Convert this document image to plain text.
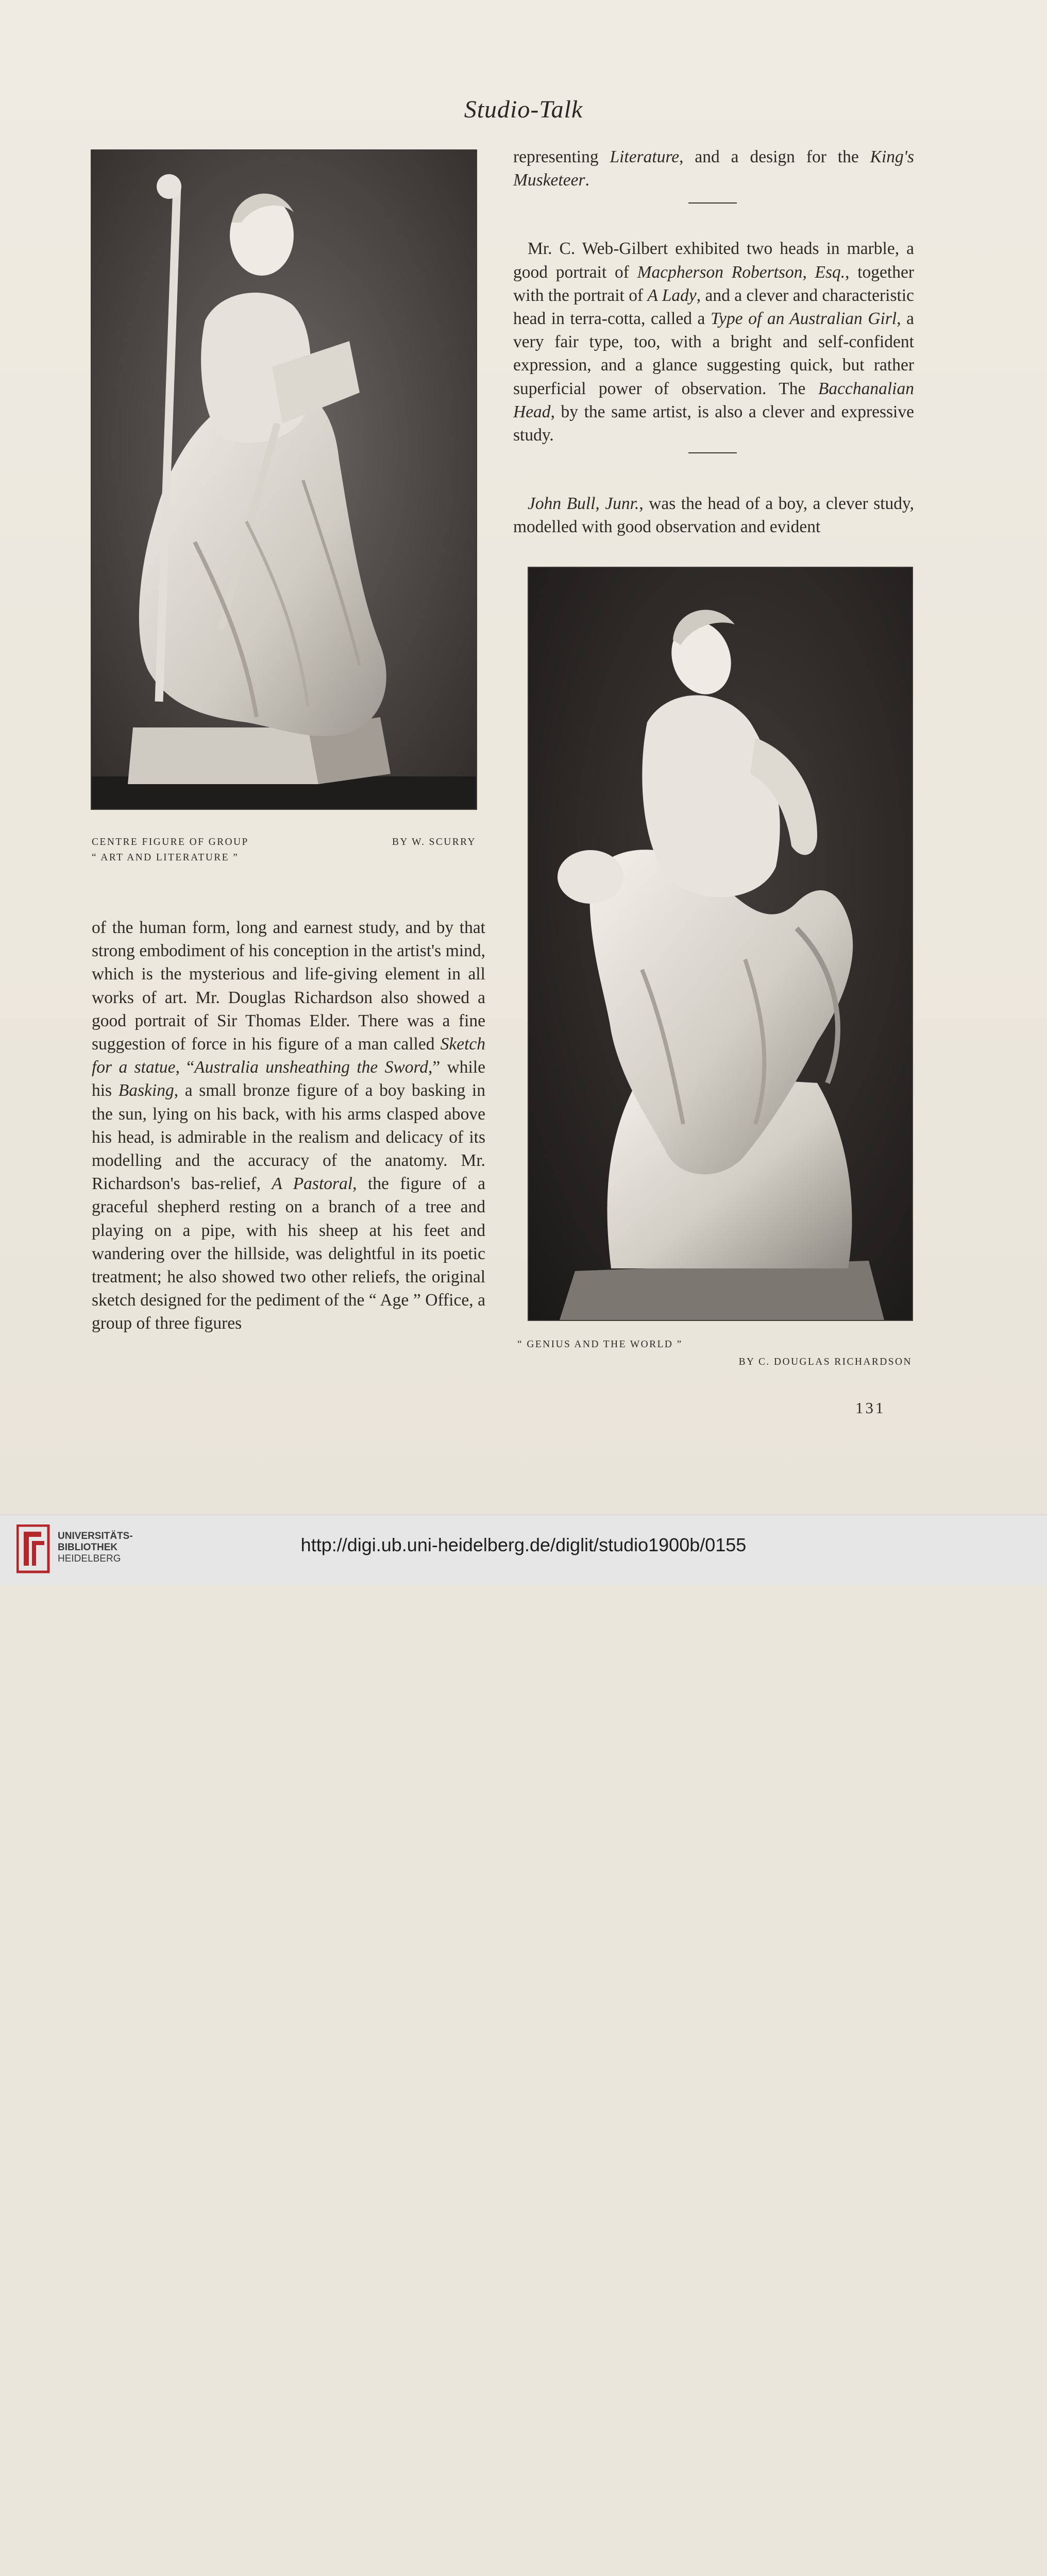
Studio-Talk
CENTRE FIGURE OF GROUP	BY W. SCURRY
“ ART AND LITERATURE ”

of the human form, long and earnest study, and by that strong embodiment of his conception in the artist's mind, which is the mysterious and life-giving element in all works of art. Mr. Douglas Richardson also showed a good portrait of Sir Thomas Elder. There was a fine suggestion of force in his figure of a man called Sketch for a statue, “Australia unsheathing the Sword,” while his Basking, a small bronze figure of a boy basking in the sun, lying on his back, with his arms clasped above his head, is admirable in the realism and delicacy of its modelling and the accuracy of the anatomy. Mr. Richardson's bas-relief, A Pastoral, the figure of a graceful shepherd resting on a branch of a tree and playing on a pipe, with his sheep at his feet and wandering over the hillside, was delightful in its poetic treatment; he also showed two other reliefs, the original sketch designed for the pediment of the “ Age ” Office, a group of three figures

representing Literature, and a design for the King's Musketeer.

Mr. C. Web-Gilbert exhibited two heads in marble, a good portrait of Macpherson Robertson, Esq., together with the portrait of A Lady, and a clever and characteristic head in terra-cotta, called a Type of an Australian Girl, a very fair type, too, with a bright and self-confident expression, and a glance suggesting quick, but rather superficial power of observation. The Bacchanalian Head, by the same artist, is also a clever and expressive study.

John Bull, Junr., was the head of a boy, a clever study, modelled with good observation and evident

“ GENIUS AND THE WORLD ”
BY C. DOUGLAS RICHARDSON
131
UNIVERSITÄTS-
BIBLIOTHEK
HEIDELBERG
http://digi.ub.uni-heidelberg.de/diglit/studio1900b/0155
